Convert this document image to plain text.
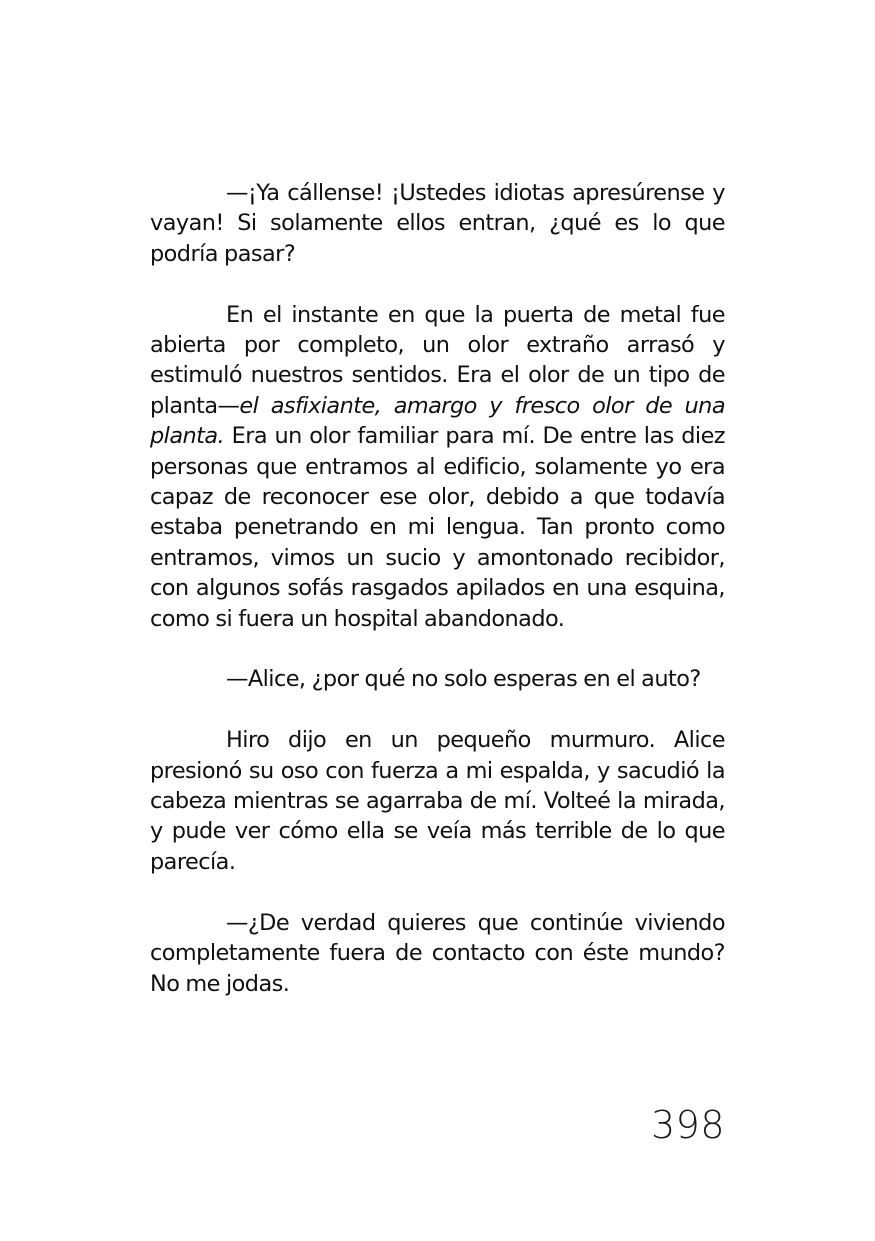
—¡Ya cállense! ¡Ustedes idiotas apresúrense y vayan! Si solamente ellos entran, ¿qué es lo que podría pasar?

En el instante en que la puerta de metal fue abierta por completo, un olor extraño arrasó y estimuló nuestros sentidos. Era el olor de un tipo de planta—el asfixiante, amargo y fresco olor de una planta. Era un olor familiar para mí. De entre las diez personas que entramos al edificio, solamente yo era capaz de reconocer ese olor, debido a que todavía estaba penetrando en mi lengua. Tan pronto como entramos, vimos un sucio y amontonado recibidor, con algunos sofás rasgados apilados en una esquina, como si fuera un hospital abandonado.

—Alice, ¿por qué no solo esperas en el auto?

Hiro dijo en un pequeño murmuro. Alice presionó su oso con fuerza a mi espalda, y sacudió la cabeza mientras se agarraba de mí. Volteé la mirada, y pude ver cómo ella se veía más terrible de lo que parecía.

—¿De verdad quieres que continúe viviendo completamente fuera de contacto con éste mundo? No me jodas.

398
